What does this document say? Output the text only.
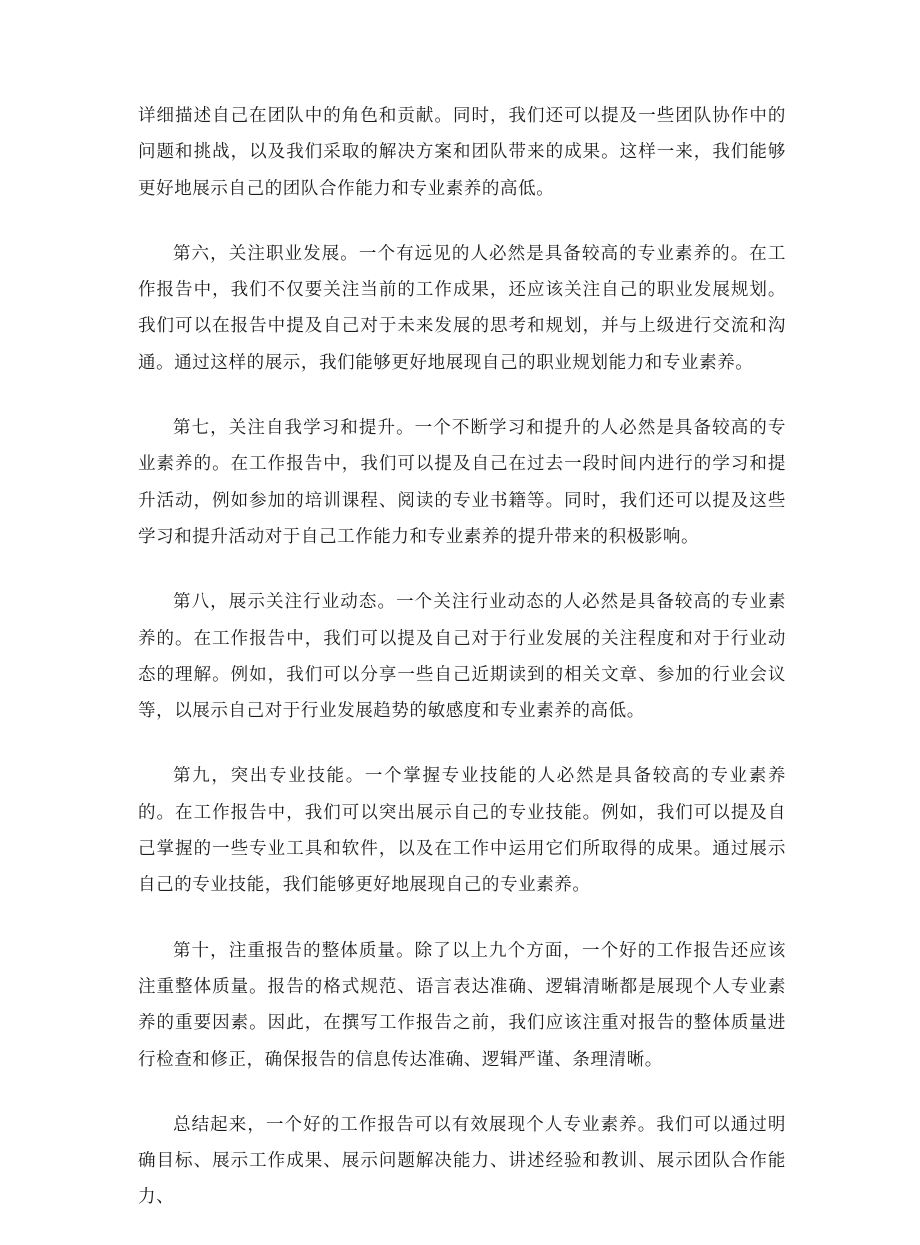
详细描述自己在团队中的角色和贡献。同时，我们还可以提及一些团队协作中的问题和挑战，以及我们采取的解决方案和团队带来的成果。这样一来，我们能够更好地展示自己的团队合作能力和专业素养的高低。

第六，关注职业发展。一个有远见的人必然是具备较高的专业素养的。在工作报告中，我们不仅要关注当前的工作成果，还应该关注自己的职业发展规划。我们可以在报告中提及自己对于未来发展的思考和规划，并与上级进行交流和沟通。通过这样的展示，我们能够更好地展现自己的职业规划能力和专业素养。

第七，关注自我学习和提升。一个不断学习和提升的人必然是具备较高的专业素养的。在工作报告中，我们可以提及自己在过去一段时间内进行的学习和提升活动，例如参加的培训课程、阅读的专业书籍等。同时，我们还可以提及这些学习和提升活动对于自己工作能力和专业素养的提升带来的积极影响。

第八，展示关注行业动态。一个关注行业动态的人必然是具备较高的专业素养的。在工作报告中，我们可以提及自己对于行业发展的关注程度和对于行业动态的理解。例如，我们可以分享一些自己近期读到的相关文章、参加的行业会议等，以展示自己对于行业发展趋势的敏感度和专业素养的高低。

第九，突出专业技能。一个掌握专业技能的人必然是具备较高的专业素养的。在工作报告中，我们可以突出展示自己的专业技能。例如，我们可以提及自己掌握的一些专业工具和软件，以及在工作中运用它们所取得的成果。通过展示自己的专业技能，我们能够更好地展现自己的专业素养。

第十，注重报告的整体质量。除了以上九个方面，一个好的工作报告还应该注重整体质量。报告的格式规范、语言表达准确、逻辑清晰都是展现个人专业素养的重要因素。因此，在撰写工作报告之前，我们应该注重对报告的整体质量进行检查和修正，确保报告的信息传达准确、逻辑严谨、条理清晰。

总结起来，一个好的工作报告可以有效展现个人专业素养。我们可以通过明确目标、展示工作成果、展示问题解决能力、讲述经验和教训、展示团队合作能力、
